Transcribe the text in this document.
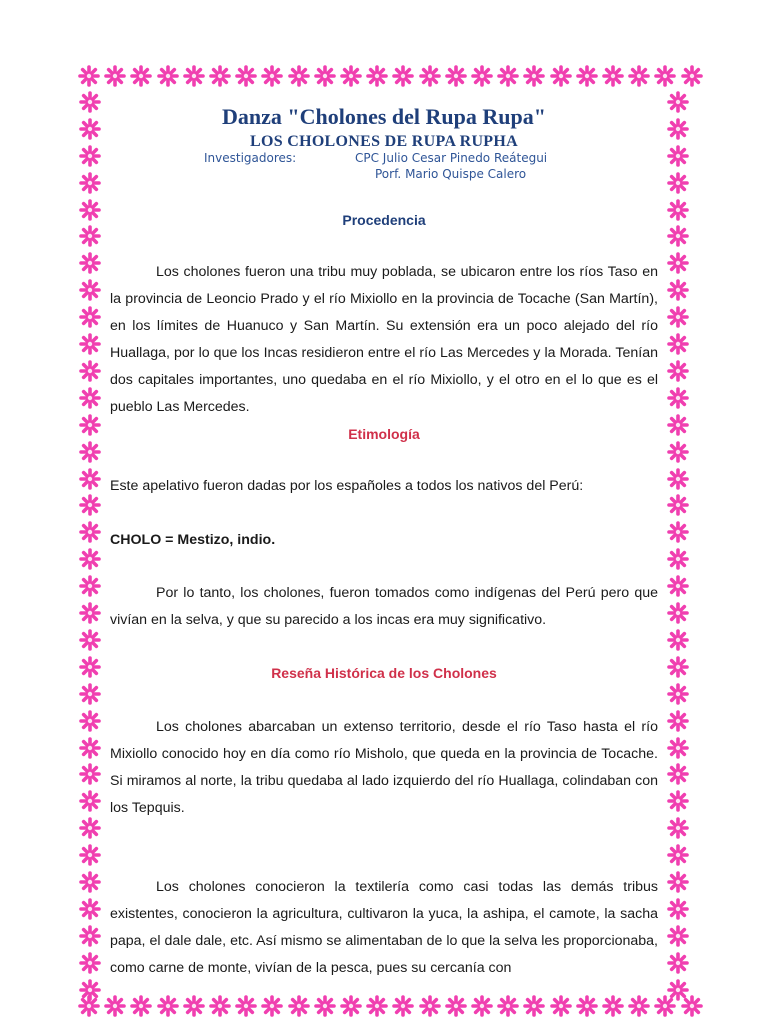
Danza "Cholones del Rupa Rupa"
LOS CHOLONES DE RUPA RUPHA
Investigadores:	CPC Julio Cesar Pinedo Reátegui
Porf. Mario Quispe Calero
Procedencia

Los cholones fueron una tribu muy poblada, se ubicaron entre los ríos Taso en la provincia de Leoncio Prado y el río Mixiollo en la provincia de Tocache (San Martín), en los límites de Huanuco y San Martín. Su extensión era un poco alejado del río Huallaga, por lo que los Incas residieron entre el río Las Mercedes y la Morada. Tenían dos capitales importantes, uno quedaba en el río Mixiollo, y el otro en el lo que es el pueblo Las Mercedes.

Etimología

Este apelativo fueron dadas por los españoles a todos los nativos del Perú:

CHOLO = Mestizo, indio.

Por lo tanto, los cholones, fueron tomados como indígenas del Perú pero que vivían en la selva, y que su parecido a los incas era muy significativo.

Reseña Histórica de los Cholones

Los cholones abarcaban un extenso territorio, desde el río Taso hasta el río Mixiollo conocido hoy en día como río Misholo, que queda en la provincia de Tocache. Si miramos al norte, la tribu quedaba al lado izquierdo del río Huallaga, colindaban con los Tepquis.

Los cholones conocieron la textilería como casi todas las demás tribus existentes, conocieron la agricultura, cultivaron la yuca, la ashipa, el camote, la sacha papa, el dale dale, etc. Así mismo se alimentaban de lo que la selva les proporcionaba, como carne de monte, vivían de la pesca, pues su cercanía con
